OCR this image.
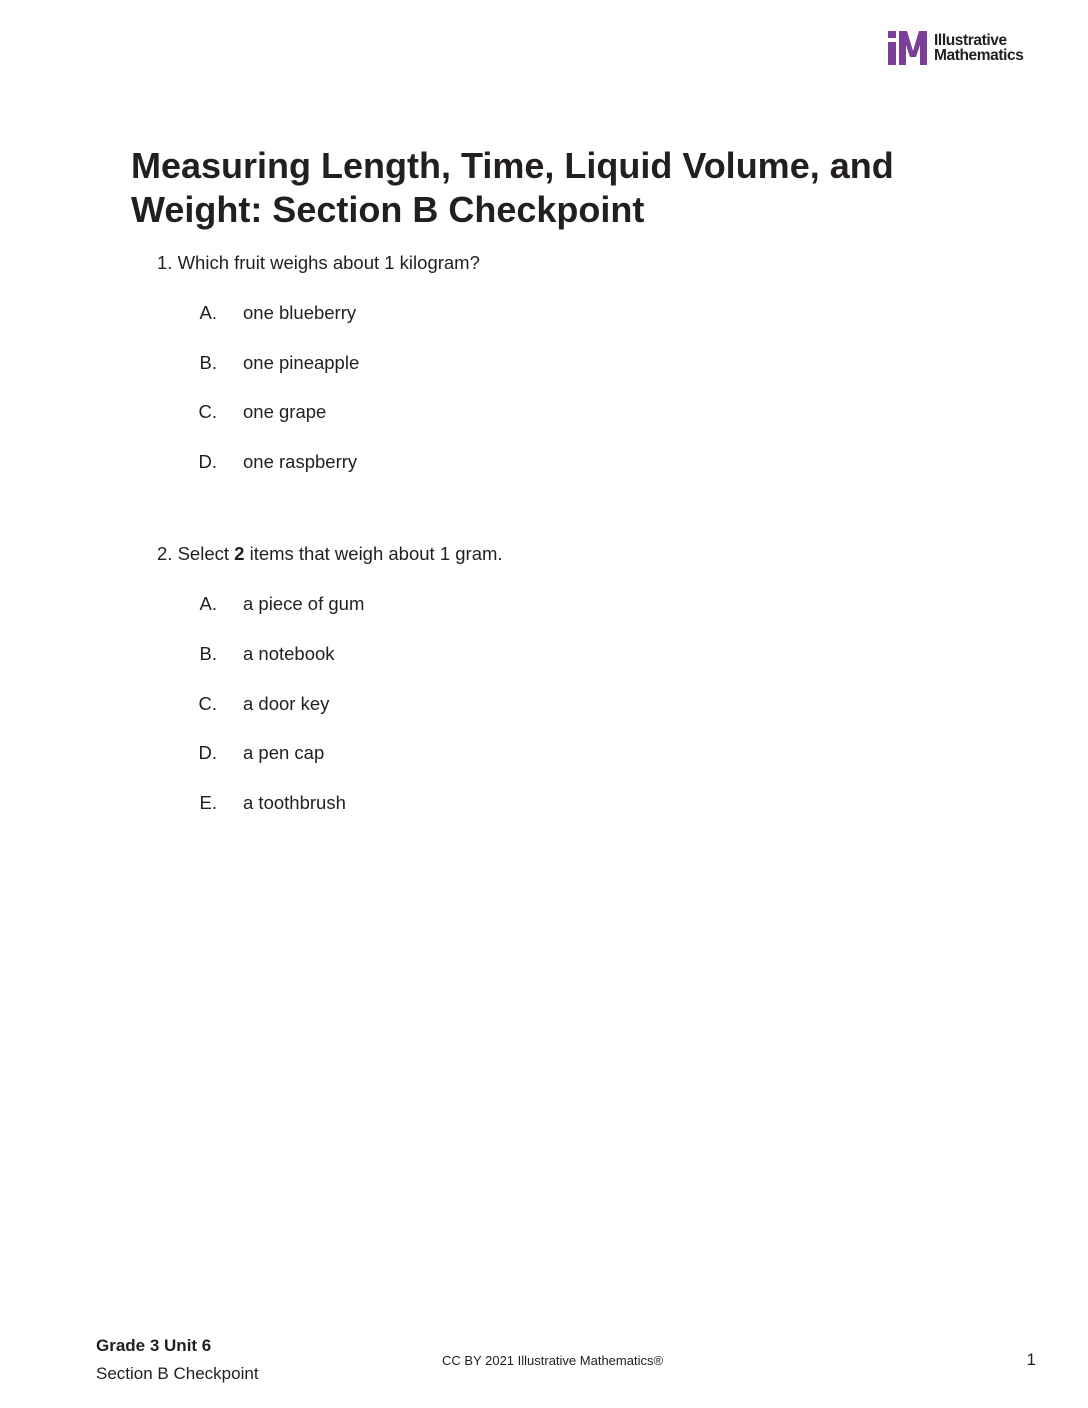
Illustrative
Mathematics
Measuring Length, Time, Liquid Volume, and Weight: Section B Checkpoint
1. Which fruit weighs about 1 kilogram?
A. one blueberry
B. one pineapple
C. one grape
D. one raspberry
2. Select 2 items that weigh about 1 gram.
A. a piece of gum
B. a notebook
C. a door key
D. a pen cap
E. a toothbrush
Grade 3 Unit 6
Section B Checkpoint
CC BY 2021 Illustrative Mathematics®	1
